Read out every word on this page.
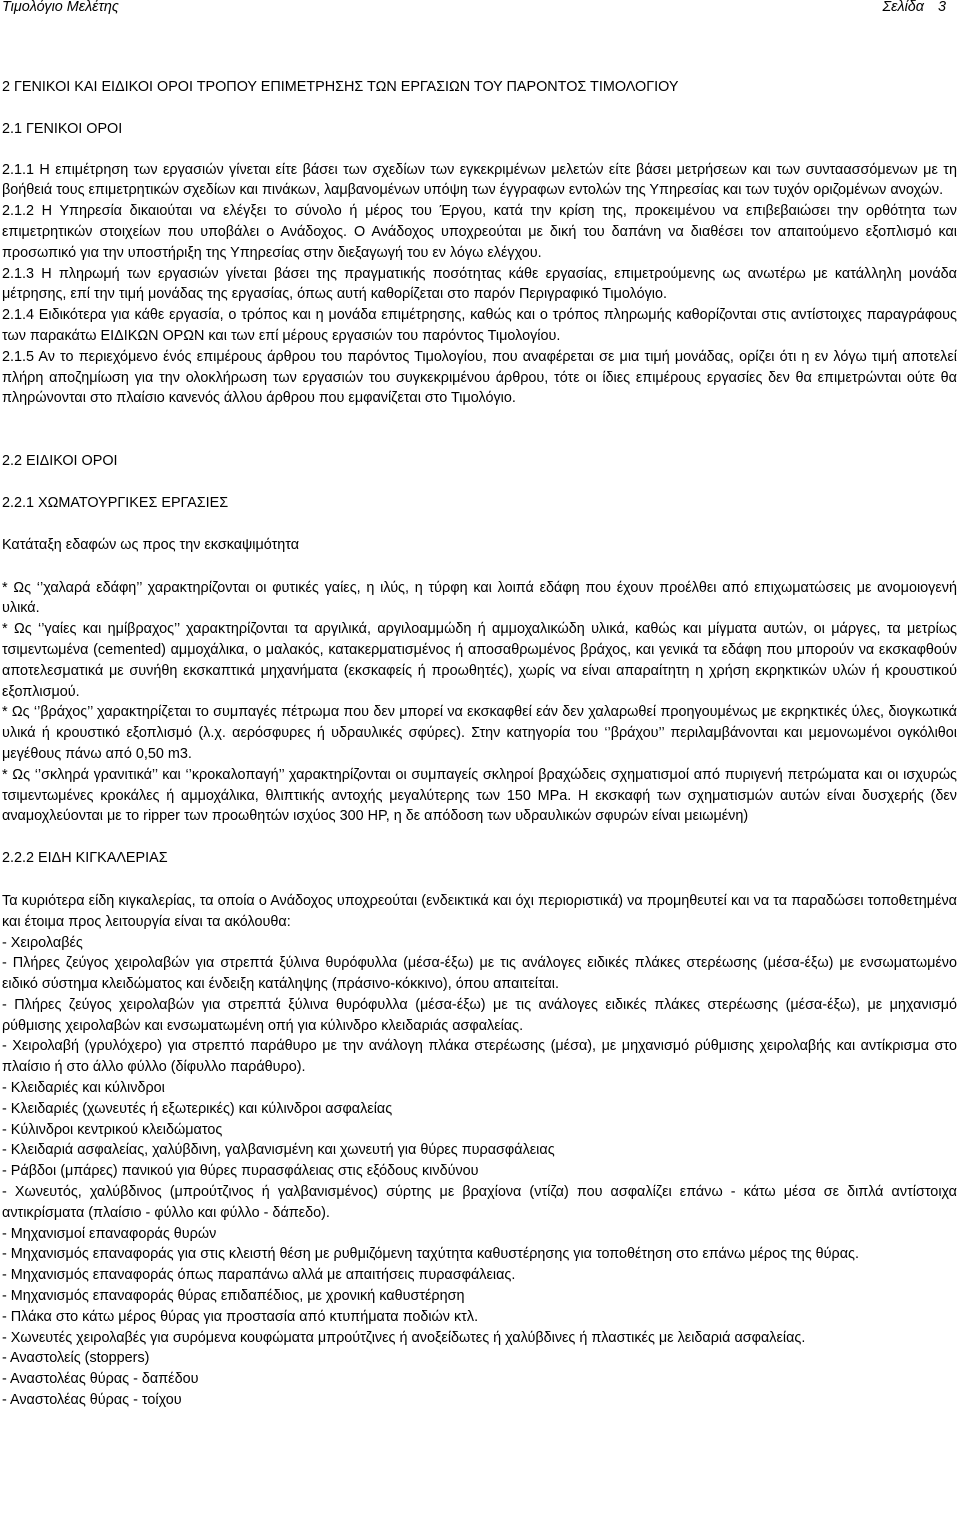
Τιμολόγιο Μελέτης	Σελίδα 3
2 ΓΕΝΙΚΟΙ ΚΑΙ ΕΙΔΙΚΟΙ ΟΡΟΙ ΤΡΟΠΟΥ ΕΠΙΜΕΤΡΗΣΗΣ ΤΩΝ ΕΡΓΑΣΙΩΝ ΤΟΥ ΠΑΡΟΝΤΟΣ ΤΙΜΟΛΟΓΙΟΥ
2.1 ΓΕΝΙΚΟΙ ΟΡΟΙ

2.1.1 Η επιμέτρηση των εργασιών γίνεται είτε βάσει των σχεδίων των εγκεκριμένων μελετών είτε βάσει μετρήσεων και των συνταασσόμενων με τη βοήθειά τους επιμετρητικών σχεδίων και πινάκων, λαμβανομένων υπόψη των έγγραφων εντολών της Υπηρεσίας και των τυχόν οριζομένων ανοχών.

2.1.2 Η Υπηρεσία δικαιούται να ελέγξει το σύνολο ή μέρος του Έργου, κατά την κρίση της, προκειμένου να επιβεβαιώσει την ορθότητα των επιμετρητικών στοιχείων που υποβάλει ο Ανάδοχος. Ο Ανάδοχος υποχρεούται με δική του δαπάνη να διαθέσει τον απαιτούμενο εξοπλισμό και προσωπικό για την υποστήριξη της Υπηρεσίας στην διεξαγωγή του εν λόγω ελέγχου.

2.1.3 Η πληρωμή των εργασιών γίνεται βάσει της πραγματικής ποσότητας κάθε εργασίας, επιμετρούμενης ως ανωτέρω με κατάλληλη μονάδα μέτρησης, επί την τιμή μονάδας της εργασίας, όπως αυτή καθορίζεται στο παρόν Περιγραφικό Τιμολόγιο.

2.1.4 Ειδικότερα για κάθε εργασία, ο τρόπος και η μονάδα επιμέτρησης, καθώς και ο τρόπος πληρωμής καθορίζονται στις αντίστοιχες παραγράφους των παρακάτω ΕΙΔΙΚΩΝ ΟΡΩΝ και των επί μέρους εργασιών του παρόντος Τιμολογίου.

2.1.5 Αν το περιεχόμενο ένός επιμέρους άρθρου του παρόντος Τιμολογίου, που αναφέρεται σε μια τιμή μονάδας, ορίζει ότι η εν λόγω τιμή αποτελεί πλήρη αποζημίωση για την ολοκλήρωση των εργασιών του συγκεκριμένου άρθρου, τότε οι ίδιες επιμέρους εργασίες δεν θα επιμετρώνται ούτε θα πληρώνονται στο πλαίσιο κανενός άλλου άρθρου που εμφανίζεται στο Τιμολόγιο.

2.2 ΕΙΔΙΚΟΙ ΟΡΟΙ
2.2.1 ΧΩΜΑΤΟΥΡΓΙΚΕΣ ΕΡΓΑΣΙΕΣ
Κατάταξη εδαφών ως προς την εκσκαψιμότητα

* Ως ‘’χαλαρά εδάφη’’ χαρακτηρίζονται οι φυτικές γαίες, η ιλύς, η τύρφη και λοιπά εδάφη που έχουν προέλθει από επιχωματώσεις με ανομοιογενή υλικά.

* Ως ‘’γαίες και ημίβραχος’’ χαρακτηρίζονται τα αργιλικά, αργιλοαμμώδη ή αμμοχαλικώδη υλικά, καθώς και μίγματα αυτών, οι μάργες, τα μετρίως τσιμεντωμένα (cemented) αμμοχάλικα, ο μαλακός, κατακερματισμένος ή αποσαθρωμένος βράχος, και γενικά τα εδάφη που μπορούν να εκσκαφθούν αποτελεσματικά με συνήθη εκσκαπτικά μηχανήματα (εκσκαφείς ή προωθητές), χωρίς να είναι απαραίτητη η χρήση εκρηκτικών υλών ή κρουστικού εξοπλισμού.

* Ως ‘’βράχος’’ χαρακτηρίζεται το συμπαγές πέτρωμα που δεν μπορεί να εκσκαφθεί εάν δεν χαλαρωθεί προηγουμένως με εκρηκτικές ύλες, διογκωτικά υλικά ή κρουστικό εξοπλισμό (λ.χ. αερόσφυρες ή υδραυλικές σφύρες). Στην κατηγορία του ‘’βράχου’’ περιλαμβάνονται και μεμονωμένοι ογκόλιθοι μεγέθους πάνω από 0,50 m3.

* Ως ‘’σκληρά γρανιτικά’’ και ‘’κροκαλοπαγή’’ χαρακτηρίζονται οι συμπαγείς σκληροί βραχώδεις σχηματισμοί από πυριγενή πετρώματα και οι ισχυρώς τσιμεντωμένες κροκάλες ή αμμοχάλικα, θλιπτικής αντοχής μεγαλύτερης των 150 MPa. Η εκσκαφή των σχηματισμών αυτών είναι δυσχερής (δεν αναμοχλεύονται με το ripper των προωθητών ισχύος 300 HP, η δε απόδοση των υδραυλικών σφυρών είναι μειωμένη)

2.2.2 ΕΙΔΗ ΚΙΓΚΑΛΕΡΙΑΣ

Τα κυριότερα είδη κιγκαλερίας, τα οποία ο Ανάδοχος υποχρεούται (ενδεικτικά και όχι περιοριστικά) να προμηθευτεί και να τα παραδώσει τοποθετημένα και έτοιμα προς λειτουργία είναι τα ακόλουθα:

- Χειρολαβές
- Πλήρες ζεύγος χειρολαβών για στρεπτά ξύλινα θυρόφυλλα (μέσα-έξω) με τις ανάλογες ειδικές πλάκες στερέωσης (μέσα-έξω) με ενσωματωμένο ειδικό σύστημα κλειδώματος και ένδειξη κατάληψης (πράσινο-κόκκινο), όπου απαιτείται.
- Πλήρες ζεύγος χειρολαβών για στρεπτά ξύλινα θυρόφυλλα (μέσα-έξω) με τις ανάλογες ειδικές πλάκες στερέωσης (μέσα-έξω), με μηχανισμό ρύθμισης χειρολαβών και ενσωματωμένη οπή για κύλινδρο κλειδαριάς ασφαλείας.
- Χειρολαβή (γρυλόχερο) για στρεπτό παράθυρο με την ανάλογη πλάκα στερέωσης (μέσα), με μηχανισμό ρύθμισης χειρολαβής και αντίκρισμα στο πλαίσιο ή στο άλλο φύλλο (δίφυλλο παράθυρο).
- Κλειδαριές και κύλινδροι
- Κλειδαριές (χωνευτές ή εξωτερικές) και κύλινδροι ασφαλείας
- Κύλινδροι κεντρικού κλειδώματος
- Κλειδαριά ασφαλείας, χαλύβδινη, γαλβανισμένη και χωνευτή για θύρες πυρασφάλειας
- Ράβδοι (μπάρες) πανικού για θύρες πυρασφάλειας στις εξόδους κινδύνου
- Χωνευτός, χαλύβδινος (μπρούτζινος ή γαλβανισμένος) σύρτης με βραχίονα (ντίζα) που ασφαλίζει επάνω - κάτω μέσα σε διπλά αντίστοιχα αντικρίσματα (πλαίσιο - φύλλο και φύλλο - δάπεδο).
- Μηχανισμοί επαναφοράς θυρών
- Μηχανισμός επαναφοράς για στις κλειστή θέση με ρυθμιζόμενη ταχύτητα καθυστέρησης για τοποθέτηση στο επάνω μέρος της θύρας.
- Μηχανισμός επαναφοράς όπως παραπάνω αλλά με απαιτήσεις πυρασφάλειας.
- Μηχανισμός επαναφοράς θύρας επιδαπέδιος, με χρονική καθυστέρηση
- Πλάκα στο κάτω μέρος θύρας για προστασία από κτυπήματα ποδιών κτλ.
- Χωνευτές χειρολαβές για συρόμενα κουφώματα μπρούτζινες ή ανοξείδωτες ή χαλύβδινες ή πλαστικές με λειδαριά ασφαλείας.
- Αναστολείς (stoppers)
- Αναστολέας θύρας - δαπέδου
- Αναστολέας θύρας - τοίχου
